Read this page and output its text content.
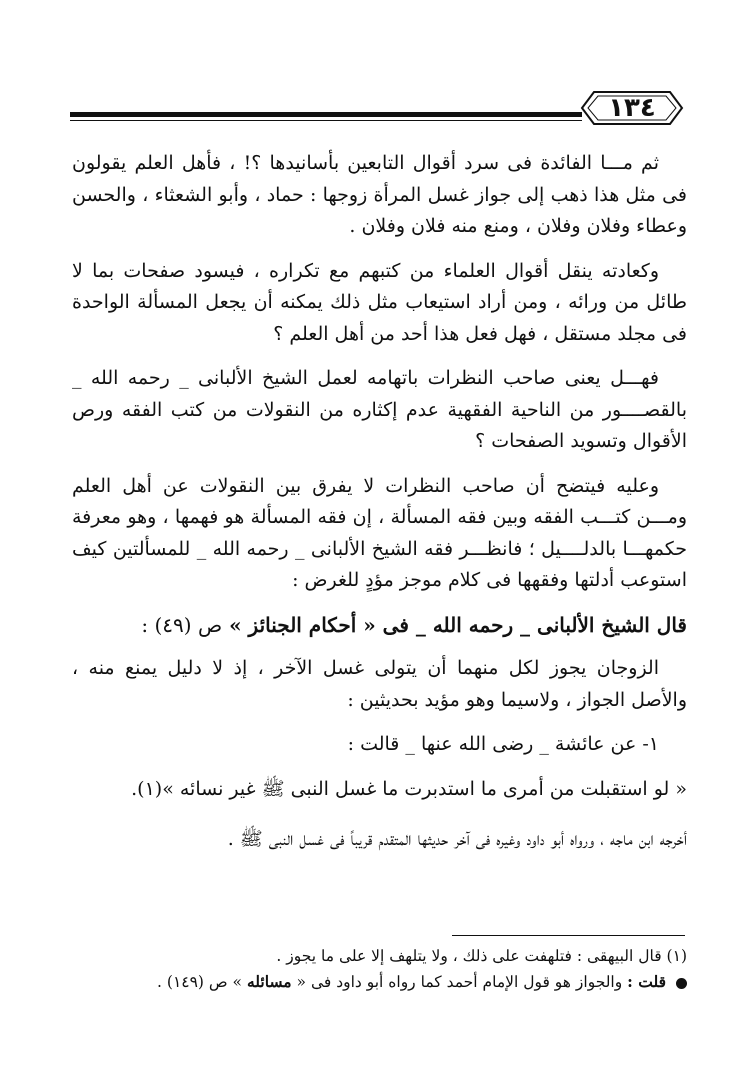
١٣٤

ثم مـــا الفائدة فى سرد أقوال التابعين بأسانيدها ؟! ، فأهل العلم يقولون فى مثل هذا ذهب إلى جواز غسل المرأة زوجها : حماد ، وأبو الشعثاء ، والحسن وعطاء وفلان وفلان ، ومنع منه فلان وفلان .

وكعادته ينقل أقوال العلماء من كتبهم مع تكراره ، فيسود صفحات بما لا طائل من ورائه ، ومن أراد استيعاب مثل ذلك يمكنه أن يجعل المسألة الواحدة فى مجلد مستقل ، فهل فعل هذا أحد من أهل العلم ؟

فهـــل يعنى صاحب النظرات باتهامه لعمل الشيخ الألبانى _ رحمه الله _ بالقصــــور من الناحية الفقهية عدم إكثاره من النقولات من كتب الفقه ورص الأقوال وتسويد الصفحات ؟

وعليه فيتضح أن صاحب النظرات لا يفرق بين النقولات عن أهل العلم ومـــن كتـــب الفقه وبين فقه المسألة ، إن فقه المسألة هو فهمها ، وهو معرفة حكمهـــا بالدلــــيل ؛ فانظـــر فقه الشيخ الألبانى _ رحمه الله _ للمسألتين كيف استوعب أدلتها وفقهها فى كلام موجز مؤدٍ للغرض :

قال الشيخ الألبانى _ رحمه الله _ فى « أحكام الجنائز » ص (٤٩) :

الزوجان يجوز لكل منهما أن يتولى غسل الآخر ، إذ لا دليل يمنع منه ، والأصل الجواز ، ولاسيما وهو مؤيد بحديثين :

١- عن عائشة _ رضى الله عنها _ قالت :

« لو استقبلت من أمرى ما استدبرت ما غسل النبى ﷺ غير نسائه »(١).

أخرجه ابن ماجه ، ورواه أبو داود وغيره فى آخر حديثها المتقدم قريباً فى غسل النبى ﷺ .

(١) قال البيهقى : فتلهفت على ذلك ، ولا يتلهف إلا على ما يجوز .

قلت : والجواز هو قول الإمام أحمد كما رواه أبو داود فى « مسائله » ص (١٤٩) .
